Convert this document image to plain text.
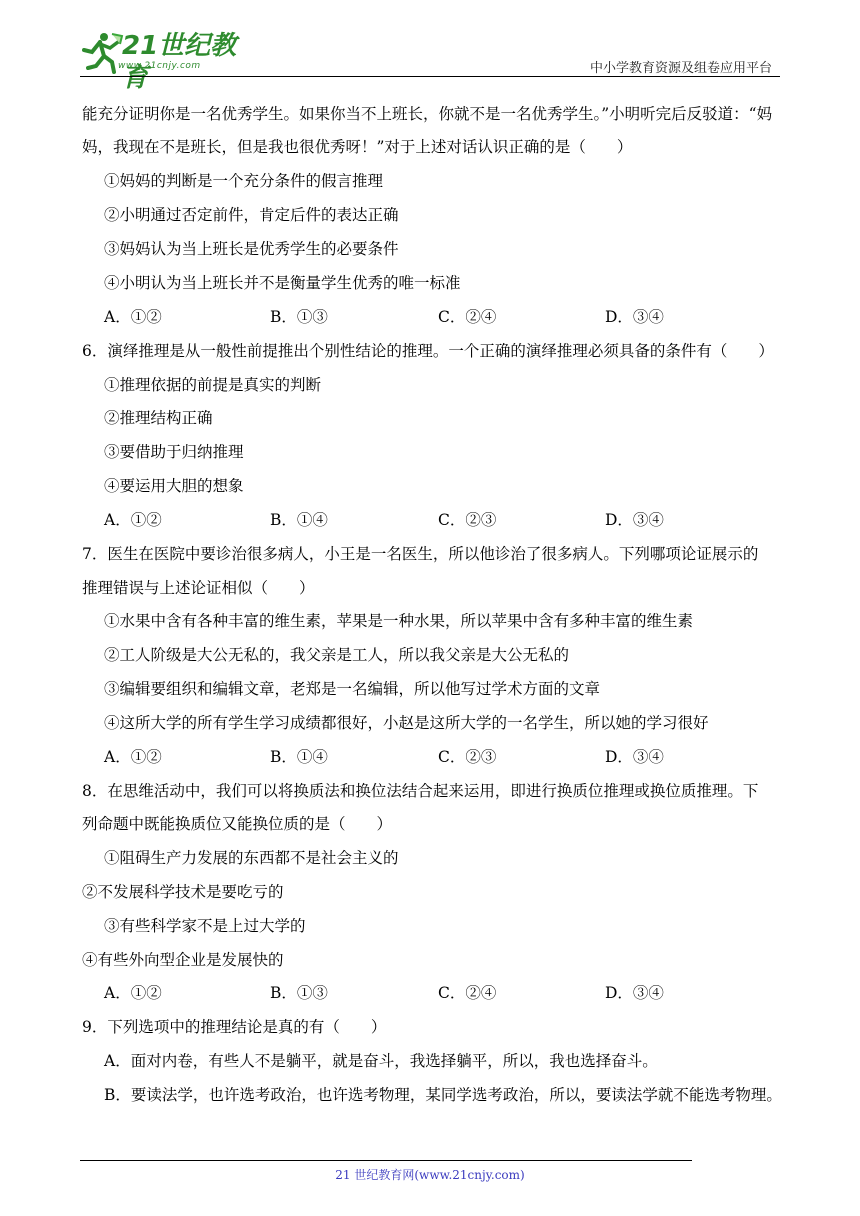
21世纪教育
www.21cnjy.com	中小学教育资源及组卷应用平台
能充分证明你是一名优秀学生。如果你当不上班长，你就不是一名优秀学生。”小明听完后反驳道：“妈
妈，我现在不是班长，但是我也很优秀呀！”对于上述对话认识正确的是（　　）
①妈妈的判断是一个充分条件的假言推理
②小明通过否定前件，肯定后件的表达正确
③妈妈认为当上班长是优秀学生的必要条件
④小明认为当上班长并不是衡量学生优秀的唯一标准
A．①②	B．①③	C．②④	D．③④
6．演绎推理是从一般性前提推出个别性结论的推理。一个正确的演绎推理必须具备的条件有（　　）
①推理依据的前提是真实的判断
②推理结构正确
③要借助于归纳推理
④要运用大胆的想象
A．①②	B．①④	C．②③	D．③④
7．医生在医院中要诊治很多病人，小王是一名医生，所以他诊治了很多病人。下列哪项论证展示的
推理错误与上述论证相似（　　）
①水果中含有各种丰富的维生素，苹果是一种水果，所以苹果中含有多种丰富的维生素
②工人阶级是大公无私的，我父亲是工人，所以我父亲是大公无私的
③编辑要组织和编辑文章，老郑是一名编辑，所以他写过学术方面的文章
④这所大学的所有学生学习成绩都很好，小赵是这所大学的一名学生，所以她的学习很好
A．①②	B．①④	C．②③	D．③④
8．在思维活动中，我们可以将换质法和换位法结合起来运用，即进行换质位推理或换位质推理。下
列命题中既能换质位又能换位质的是（　　）
①阻碍生产力发展的东西都不是社会主义的
②不发展科学技术是要吃亏的
③有些科学家不是上过大学的
④有些外向型企业是发展快的
A．①②	B．①③	C．②④	D．③④
9．下列选项中的推理结论是真的有（　　）
A．面对内卷，有些人不是躺平，就是奋斗，我选择躺平，所以，我也选择奋斗。
B．要读法学，也许选考政治，也许选考物理，某同学选考政治，所以，要读法学就不能选考物理。
21 世纪教育网(www.21cnjy.com)
